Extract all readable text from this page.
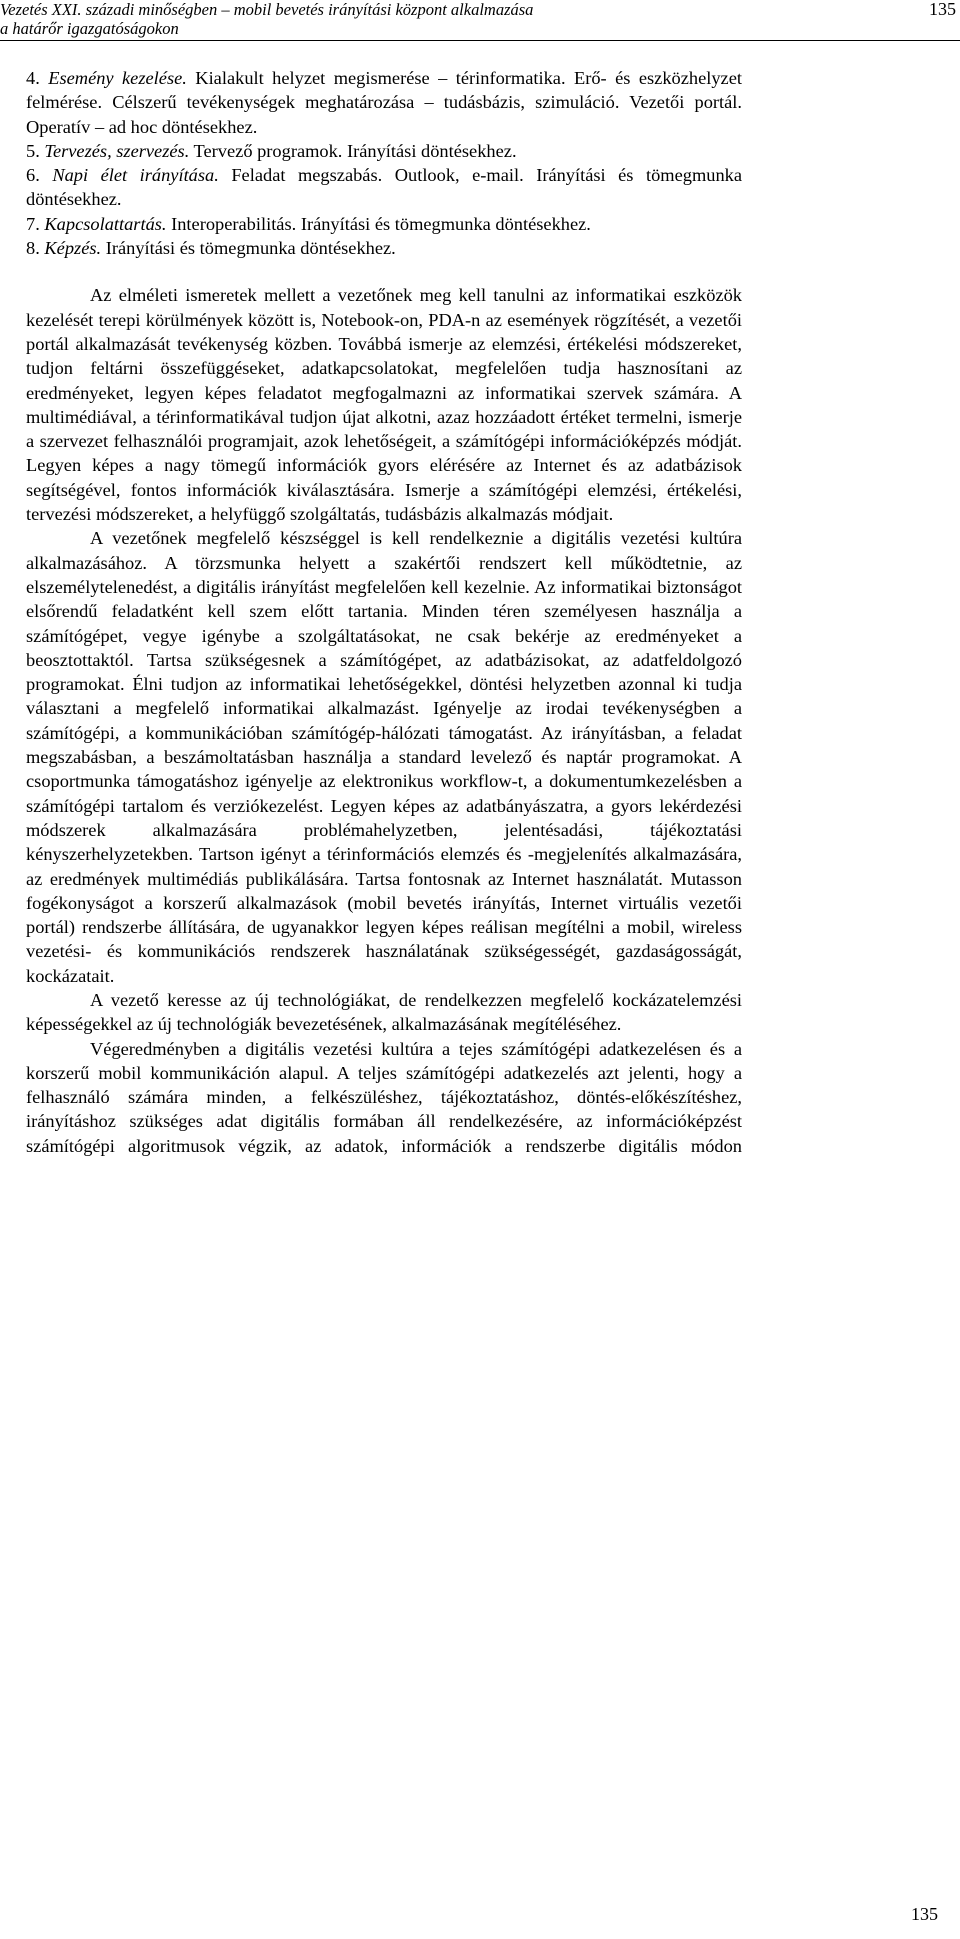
Vezetés XXI. századi minőségben – mobil bevetés irányítási központ alkalmazása
a határőr igazgatóságokon
135
4. Esemény kezelése. Kialakult helyzet megismerése – térinformatika. Erő- és eszközhelyzet felmérése. Célszerű tevékenységek meghatározása – tudásbázis, szimuláció. Vezetői portál. Operatív – ad hoc döntésekhez.
5. Tervezés, szervezés. Tervező programok. Irányítási döntésekhez.
6. Napi élet irányítása. Feladat megszabás. Outlook, e-mail. Irányítási és tömegmunka döntésekhez.
7. Kapcsolattartás. Interoperabilitás. Irányítási és tömegmunka döntésekhez.
8. Képzés. Irányítási és tömegmunka döntésekhez.

Az elméleti ismeretek mellett a vezetőnek meg kell tanulni az informatikai eszközök kezelését terepi körülmények között is, Notebook-on, PDA-n az események rögzítését, a vezetői portál alkalmazását tevékenység közben. Továbbá ismerje az elemzési, értékelési módszereket, tudjon feltárni összefüggéseket, adatkapcsolatokat, megfelelően tudja hasznosítani az eredményeket, legyen képes feladatot megfogalmazni az informatikai szervek számára. A multimédiával, a térinformatikával tudjon újat alkotni, azaz hozzáadott értéket termelni, ismerje a szervezet felhasználói programjait, azok lehetőségeit, a számítógépi információképzés módját. Legyen képes a nagy tömegű információk gyors elérésére az Internet és az adatbázisok segítségével, fontos információk kiválasztására. Ismerje a számítógépi elemzési, értékelési, tervezési módszereket, a helyfüggő szolgáltatás, tudásbázis alkalmazás módjait.

A vezetőnek megfelelő készséggel is kell rendelkeznie a digitális vezetési kultúra alkalmazásához. A törzsmunka helyett a szakértői rendszert kell működtetnie, az elszemélytelenedést, a digitális irányítást megfelelően kell kezelnie. Az informatikai biztonságot elsőrendű feladatként kell szem előtt tartania. Minden téren személyesen használja a számítógépet, vegye igénybe a szolgáltatásokat, ne csak bekérje az eredményeket a beosztottaktól. Tartsa szükségesnek a számítógépet, az adatbázisokat, az adatfeldolgozó programokat. Élni tudjon az informatikai lehetőségekkel, döntési helyzetben azonnal ki tudja választani a megfelelő informatikai alkalmazást. Igényelje az irodai tevékenységben a számítógépi, a kommunikációban számítógép-hálózati támogatást. Az irányításban, a feladat megszabásban, a beszámoltatásban használja a standard levelező és naptár programokat. A csoportmunka támogatáshoz igényelje az elektronikus workflow-t, a dokumentumkezelésben a számítógépi tartalom és verziókezelést. Legyen képes az adatbányászatra, a gyors lekérdezési módszerek alkalmazására problémahelyzetben, jelentésadási, tájékoztatási kényszerhelyzetekben. Tartson igényt a térinformációs elemzés és -megjelenítés alkalmazására, az eredmények multimédiás publikálására. Tartsa fontosnak az Internet használatát. Mutasson fogékonyságot a korszerű alkalmazások (mobil bevetés irányítás, Internet virtuális vezetői portál) rendszerbe állítására, de ugyanakkor legyen képes reálisan megítélni a mobil, wireless vezetési- és kommunikációs rendszerek használatának szükségességét, gazdaságosságát, kockázatait.

A vezető keresse az új technológiákat, de rendelkezzen megfelelő kockázatelemzési képességekkel az új technológiák bevezetésének, alkalmazásának megítéléséhez.

Végeredményben a digitális vezetési kultúra a tejes számítógépi adatkezelésen és a korszerű mobil kommunikáción alapul. A teljes számítógépi adatkezelés azt jelenti, hogy a felhasználó számára minden, a felkészüléshez, tájékoztatáshoz, döntés-előkészítéshez, irányításhoz szükséges adat digitális formában áll rendelkezésére, az információképzést számítógépi algoritmusok végzik, az adatok, információk a rendszerbe digitális módon

135
